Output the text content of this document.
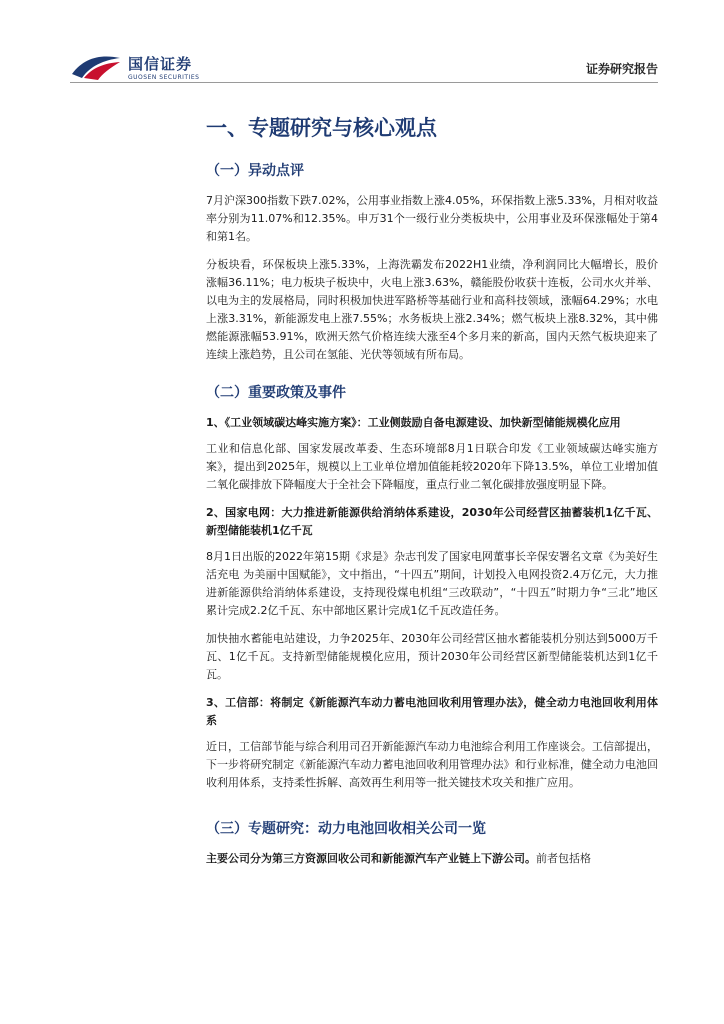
国信证券
GUOSEN SECURITIES
证券研究报告
一、专题研究与核心观点
（一）异动点评

7月沪深300指数下跌7.02%，公用事业指数上涨4.05%，环保指数上涨5.33%，月相对收益率分别为11.07%和12.35%。申万31个一级行业分类板块中，公用事业及环保涨幅处于第4和第1名。

分板块看，环保板块上涨5.33%，上海洗霸发布2022H1业绩，净利润同比大幅增长，股价涨幅36.11%；电力板块子板块中，火电上涨3.63%，赣能股份收获十连板，公司水火并举、以电为主的发展格局，同时积极加快进军路桥等基础行业和高科技领域，涨幅64.29%；水电上涨3.31%，新能源发电上涨7.55%；水务板块上涨2.34%；燃气板块上涨8.32%，其中佛燃能源涨幅53.91%，欧洲天然气价格连续大涨至4个多月来的新高，国内天然气板块迎来了连续上涨趋势，且公司在氢能、光伏等领域有所布局。

（二）重要政策及事件

1、《工业领域碳达峰实施方案》：工业侧鼓励自备电源建设、加快新型储能规模化应用

工业和信息化部、国家发展改革委、生态环境部8月1日联合印发《工业领域碳达峰实施方案》，提出到2025年，规模以上工业单位增加值能耗较2020年下降13.5%，单位工业增加值二氧化碳排放下降幅度大于全社会下降幅度，重点行业二氧化碳排放强度明显下降。

2、国家电网：大力推进新能源供给消纳体系建设，2030年公司经营区抽蓄装机1亿千瓦、新型储能装机1亿千瓦

8月1日出版的2022年第15期《求是》杂志刊发了国家电网董事长辛保安署名文章《为美好生活充电 为美丽中国赋能》，文中指出，“十四五”期间，计划投入电网投资2.4万亿元，大力推进新能源供给消纳体系建设，支持现役煤电机组“三改联动”，“十四五”时期力争“三北”地区累计完成2.2亿千瓦、东中部地区累计完成1亿千瓦改造任务。

加快抽水蓄能电站建设，力争2025年、2030年公司经营区抽水蓄能装机分别达到5000万千瓦、1亿千瓦。支持新型储能规模化应用，预计2030年公司经营区新型储能装机达到1亿千瓦。

3、工信部：将制定《新能源汽车动力蓄电池回收利用管理办法》，健全动力电池回收利用体系

近日，工信部节能与综合利用司召开新能源汽车动力电池综合利用工作座谈会。工信部提出，下一步将研究制定《新能源汽车动力蓄电池回收利用管理办法》和行业标准，健全动力电池回收利用体系，支持柔性拆解、高效再生利用等一批关键技术攻关和推广应用。

（三）专题研究：动力电池回收相关公司一览

主要公司分为第三方资源回收公司和新能源汽车产业链上下游公司。前者包括格
